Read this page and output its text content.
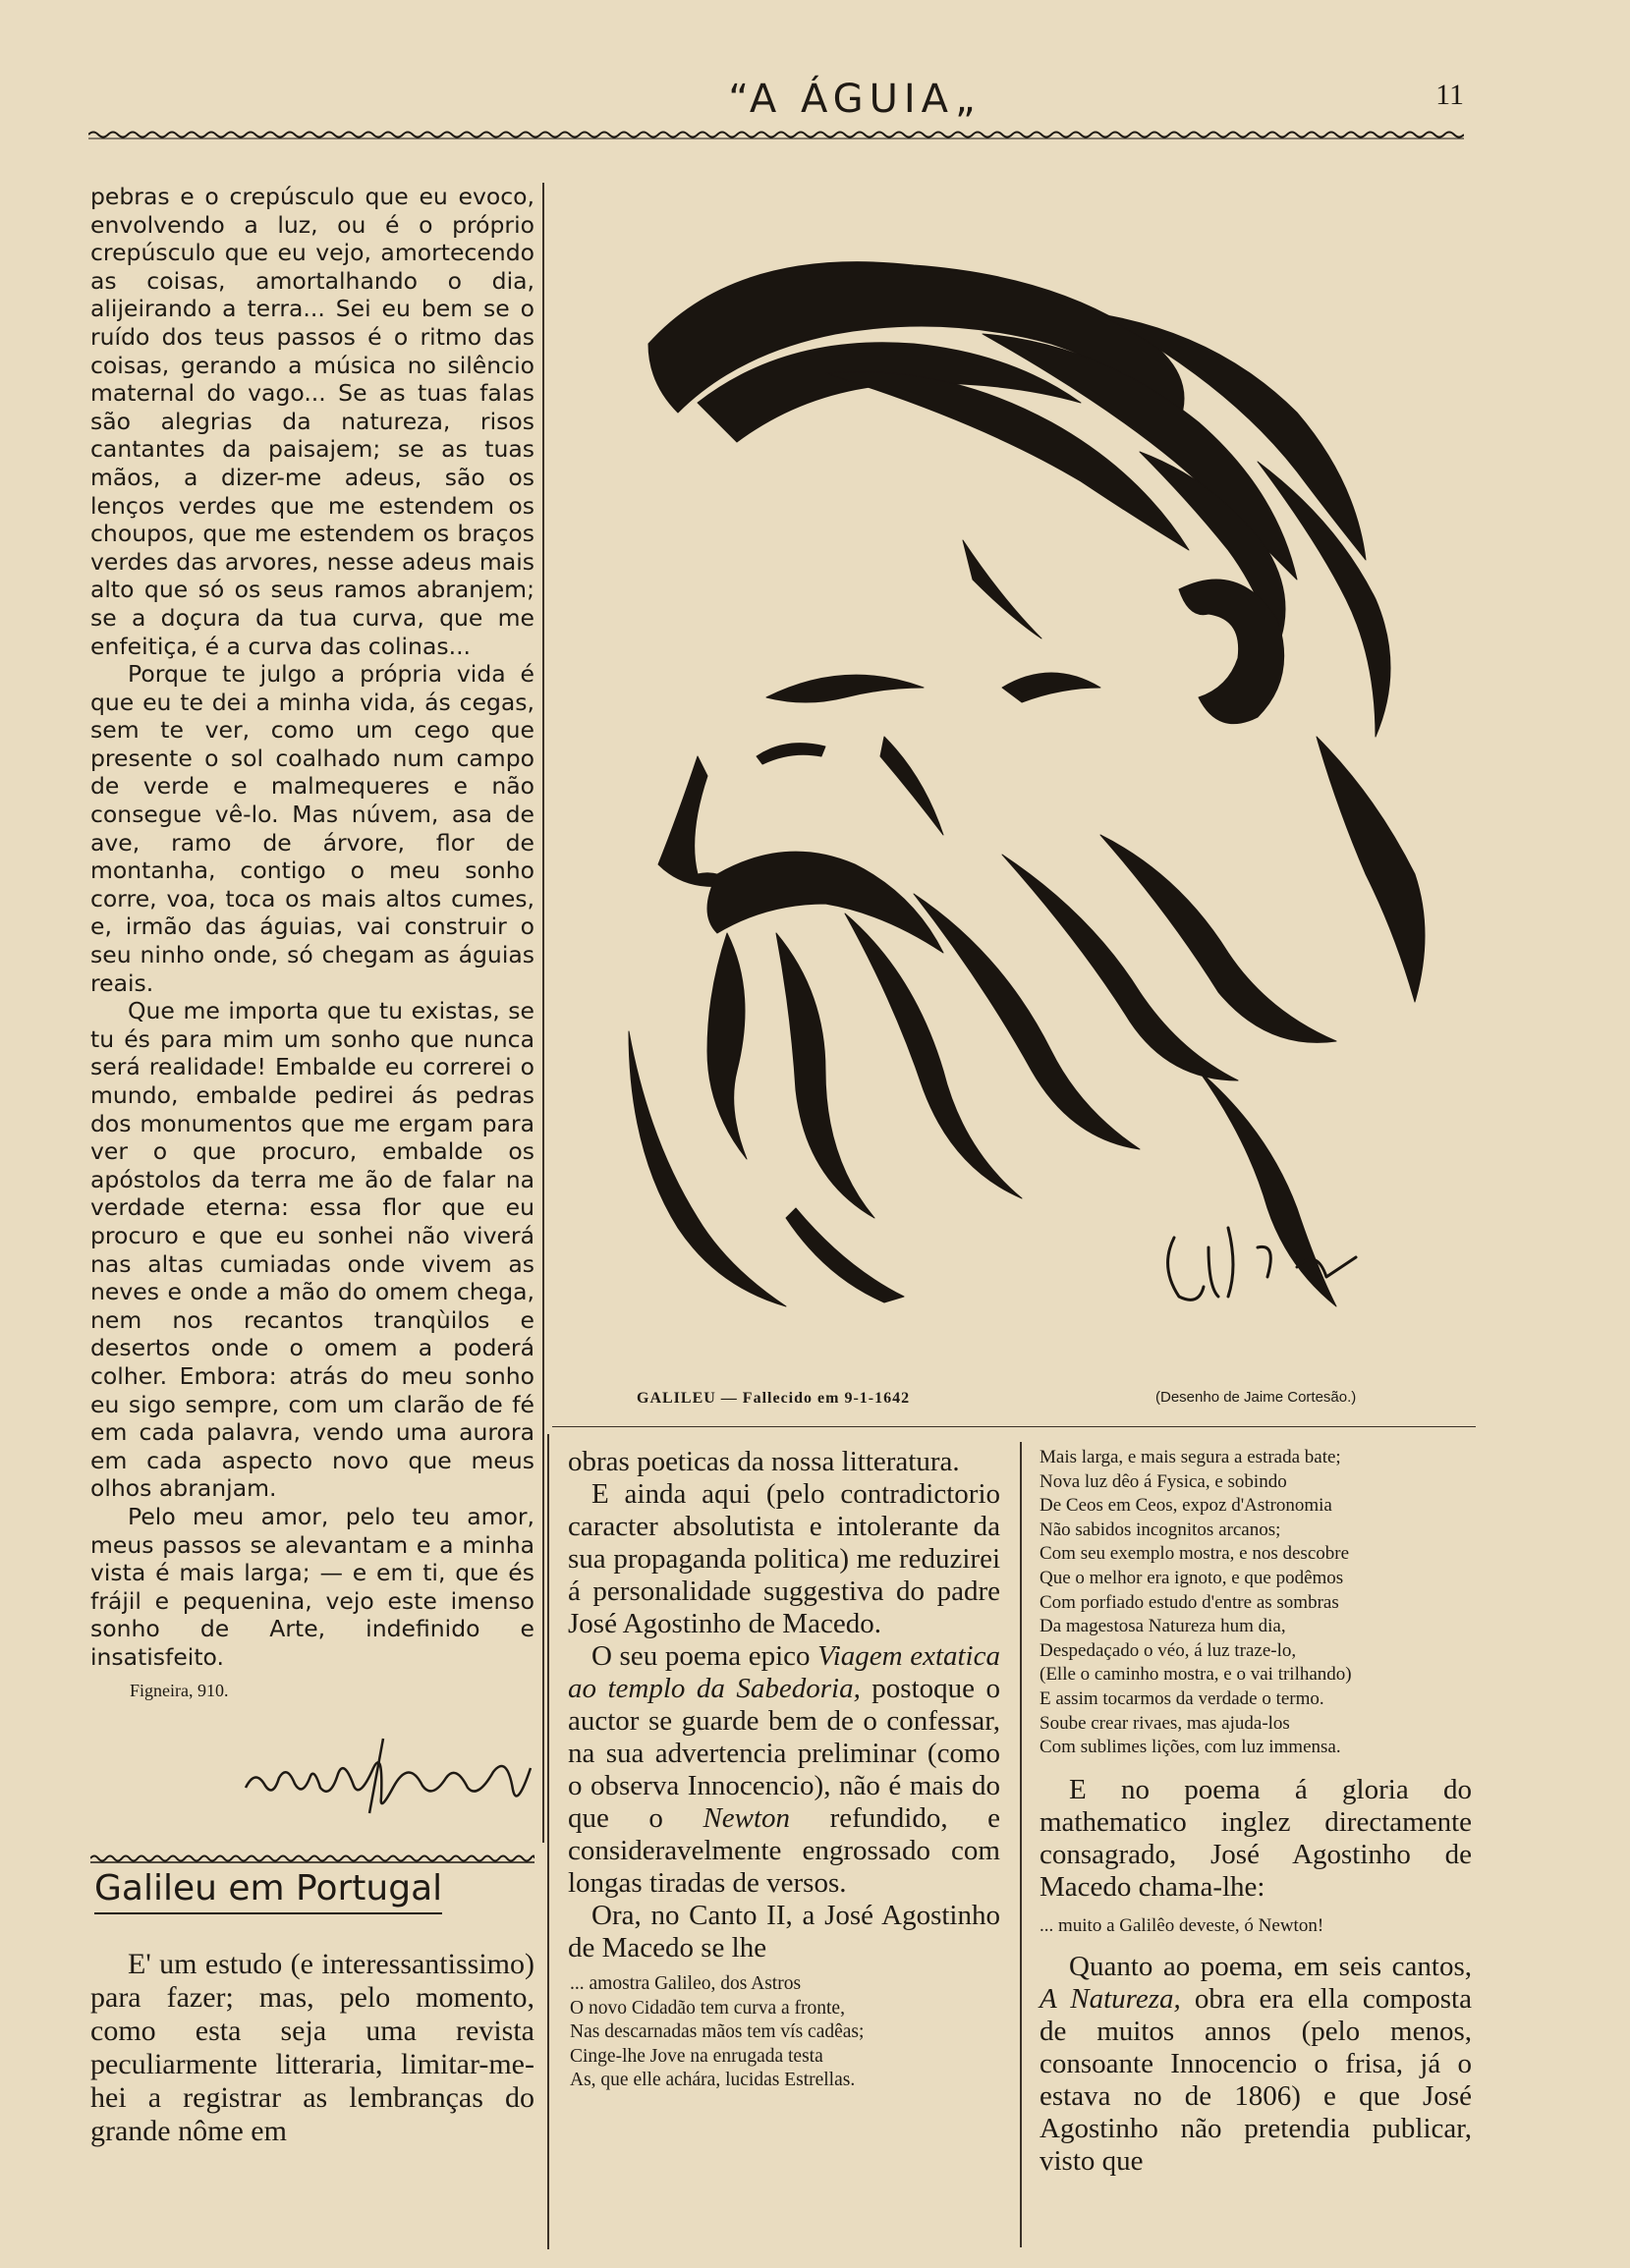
“A ÁGUIA„	11

pebras e o crepúsculo que eu evoco, envolvendo a luz, ou é o próprio crepúsculo que eu vejo, amortecendo as coisas, amortalhando o dia, alijeirando a terra... Sei eu bem se o ruído dos teus passos é o ritmo das coisas, gerando a música no silêncio maternal do vago... Se as tuas falas são alegrias da natureza, risos cantantes da paisajem; se as tuas mãos, a dizer-me adeus, são os lenços verdes que me estendem os choupos, que me estendem os braços verdes das arvores, nesse adeus mais alto que só os seus ramos abranjem; se a doçura da tua curva, que me enfeitiça, é a curva das colinas...

Porque te julgo a própria vida é que eu te dei a minha vida, ás cegas, sem te ver, como um cego que presente o sol coalhado num campo de verde e malmequeres e não consegue vê-lo. Mas núvem, asa de ave, ramo de árvore, flor de montanha, contigo o meu sonho corre, voa, toca os mais altos cumes, e, irmão das águias, vai construir o seu ninho onde, só chegam as águias reais.

Que me importa que tu existas, se tu és para mim um sonho que nunca será realidade! Embalde eu correrei o mundo, embalde pedirei ás pedras dos monumentos que me ergam para ver o que procuro, embalde os apóstolos da terra me ão de falar na verdade eterna: essa flor que eu procuro e que eu sonhei não viverá nas altas cumiadas onde vivem as neves e onde a mão do omem chega, nem nos recantos tranqùilos e desertos onde o omem a poderá colher. Embora: atrás do meu sonho eu sigo sempre, com um clarão de fé em cada palavra, vendo uma aurora em cada aspecto novo que meus olhos abranjam.

Pelo meu amor, pelo teu amor, meus passos se alevantam e a minha vista é mais larga; — e em ti, que és frájil e pequenina, vejo este imenso sonho de Arte, indefinido e insatisfeito.

Figneira, 910.
Galileu em Portugal

E' um estudo (e interessantissimo) para fazer; mas, pelo momento, como esta seja uma revista peculiarmente litteraria, limitar-me-hei a registrar as lembranças do grande nôme em

GALILEU — Fallecido em 9-1-1642	(Desenho de Jaime Cortesão.)

obras poeticas da nossa litteratura.

E ainda aqui (pelo contradictorio caracter absolutista e intolerante da sua propaganda politica) me reduzirei á personalidade suggestiva do padre José Agostinho de Macedo.

O seu poema epico Viagem extatica ao templo da Sabedoria, postoque o auctor se guarde bem de o confessar, na sua advertencia preliminar (como o observa Innocencio), não é mais do que o Newton refundido, e consideravelmente engrossado com longas tiradas de versos.

Ora, no Canto II, a José Agostinho de Macedo se lhe

... amostra Galileo, dos Astros
O novo Cidadão tem curva a fronte,
Nas descarnadas mãos tem vís cadêas;
Cinge-lhe Jove na enrugada testa
As, que elle achára, lucidas Estrellas.
Mais larga, e mais segura a estrada bate;
Nova luz dêo á Fysica, e sobindo
De Ceos em Ceos, expoz d'Astronomia
Não sabidos incognitos arcanos;
Com seu exemplo mostra, e nos descobre
Que o melhor era ignoto, e que podêmos
Com porfiado estudo d'entre as sombras
Da magestosa Natureza hum dia,
Despedaçado o véo, á luz traze-lo,
(Elle o caminho mostra, e o vai trilhando)
E assim tocarmos da verdade o termo.
Soube crear rivaes, mas ajuda-los
Com sublimes lições, com luz immensa.

E no poema á gloria do mathematico inglez directamente consagrado, José Agostinho de Macedo chama-lhe:

... muito a Galilêo deveste, ó Newton!

Quanto ao poema, em seis cantos, A Natureza, obra era ella composta de muitos annos (pelo menos, consoante Innocencio o frisa, já o estava no de 1806) e que José Agostinho não pretendia publicar, visto que
